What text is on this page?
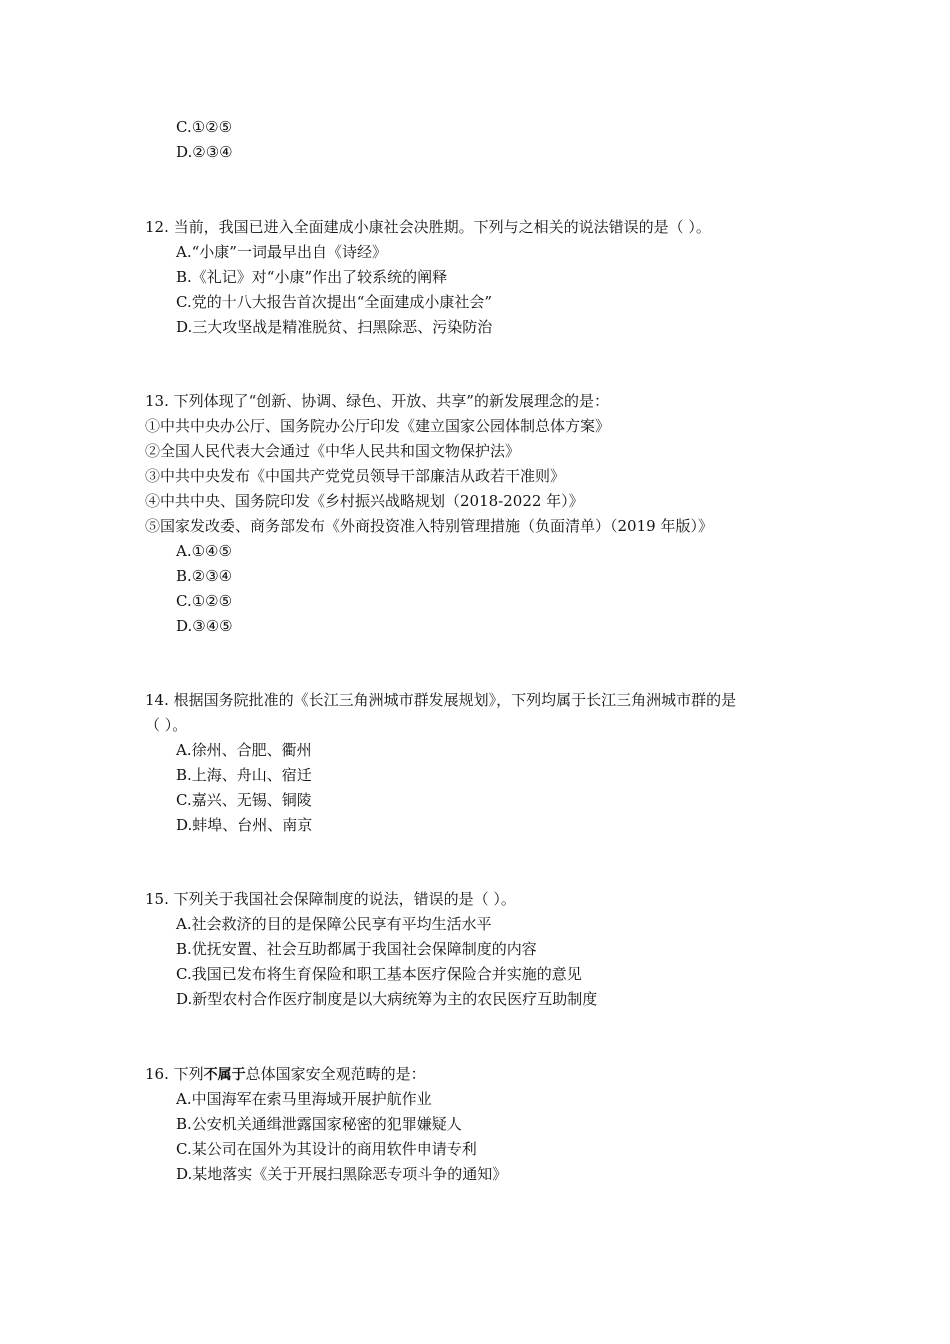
C.①②⑤
D.②③④
12. 当前，我国已进入全面建成小康社会决胜期。下列与之相关的说法错误的是（ ）。
A.“小康”一词最早出自《诗经》
B.《礼记》对“小康”作出了较系统的阐释
C.党的十八大报告首次提出“全面建成小康社会”
D.三大攻坚战是精准脱贫、扫黑除恶、污染防治
13. 下列体现了“创新、协调、绿色、开放、共享”的新发展理念的是：
①中共中央办公厅、国务院办公厅印发《建立国家公园体制总体方案》
②全国人民代表大会通过《中华人民共和国文物保护法》
③中共中央发布《中国共产党党员领导干部廉洁从政若干准则》
④中共中央、国务院印发《乡村振兴战略规划（2018-2022 年）》
⑤国家发改委、商务部发布《外商投资准入特别管理措施（负面清单）（2019 年版）》
A.①④⑤
B.②③④
C.①②⑤
D.③④⑤
14. 根据国务院批准的《长江三角洲城市群发展规划》，下列均属于长江三角洲城市群的是
（ ）。
A.徐州、合肥、衢州
B.上海、舟山、宿迁
C.嘉兴、无锡、铜陵
D.蚌埠、台州、南京
15. 下列关于我国社会保障制度的说法，错误的是（ ）。
A.社会救济的目的是保障公民享有平均生活水平
B.优抚安置、社会互助都属于我国社会保障制度的内容
C.我国已发布将生育保险和职工基本医疗保险合并实施的意见
D.新型农村合作医疗制度是以大病统筹为主的农民医疗互助制度
16. 下列不属于总体国家安全观范畴的是：
A.中国海军在索马里海域开展护航作业
B.公安机关通缉泄露国家秘密的犯罪嫌疑人
C.某公司在国外为其设计的商用软件申请专利
D.某地落实《关于开展扫黑除恶专项斗争的通知》
